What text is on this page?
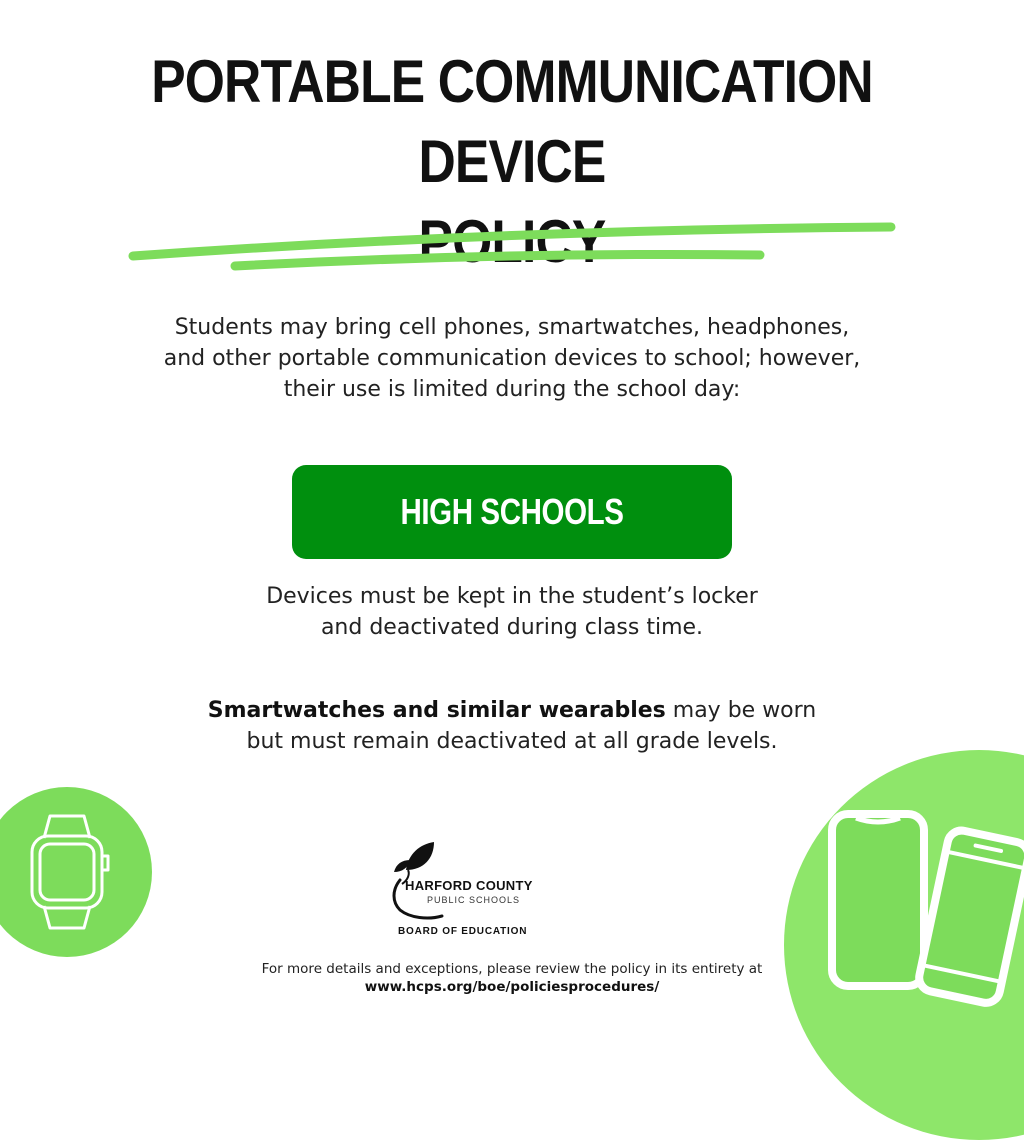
PORTABLE COMMUNICATION DEVICE
POLICY

Students may bring cell phones, smartwatches, headphones,
and other portable communication devices to school; however,
their use is limited during the school day:

HIGH SCHOOLS

Devices must be kept in the student’s locker
and deactivated during class time.

Smartwatches and similar wearables may be worn
but must remain deactivated at all grade levels.

HARFORD COUNTY

PUBLIC SCHOOLS

BOARD OF EDUCATION

For more details and exceptions, please review the policy in its entirety at

www.hcps.org/boe/policiesprocedures/
